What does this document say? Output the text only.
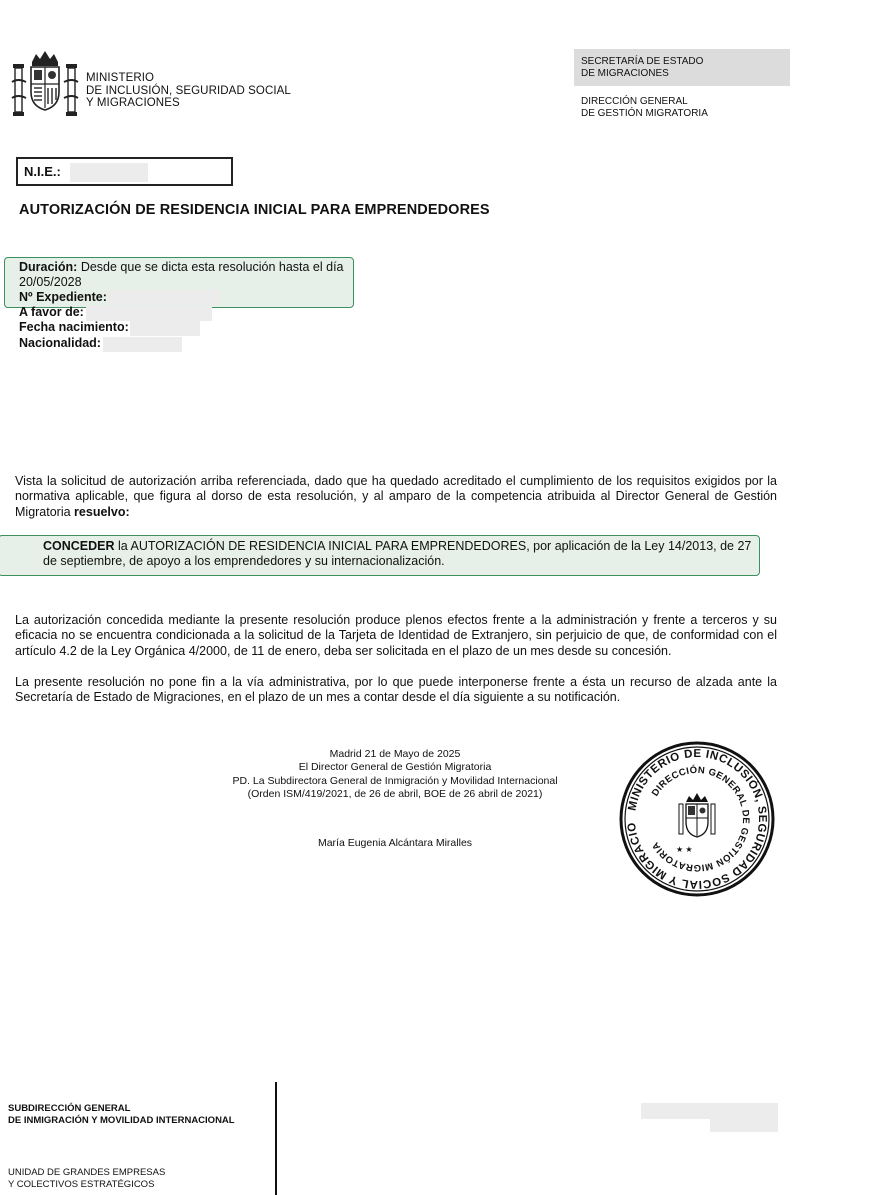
MINISTERIO
DE INCLUSIÓN, SEGURIDAD SOCIAL
Y MIGRACIONES
SECRETARÍA DE ESTADO
DE MIGRACIONES
DIRECCIÓN GENERAL
DE GESTIÓN MIGRATORIA
N.I.E.:
AUTORIZACIÓN DE RESIDENCIA INICIAL PARA EMPRENDEDORES
Duración: Desde que se dicta esta resolución hasta el día
20/05/2028
Nº Expediente:
A favor de:
Fecha nacimiento:
Nacionalidad:
Vista la solicitud de autorización arriba referenciada, dado que ha quedado acreditado el cumplimiento de los requisitos exigidos por la normativa aplicable, que figura al dorso de esta resolución, y al amparo de la competencia atribuida al Director General de Gestión Migratoria resuelvo:
CONCEDER la AUTORIZACIÓN DE RESIDENCIA INICIAL PARA EMPRENDEDORES, por aplicación de la Ley 14/2013, de 27 de septiembre, de apoyo a los emprendedores y su internacionalización.
La autorización concedida mediante la presente resolución produce plenos efectos frente a la administración y frente a terceros y su eficacia no se encuentra condicionada a la solicitud de la Tarjeta de Identidad de Extranjero, sin perjuicio de que, de conformidad con el artículo 4.2 de la Ley Orgánica 4/2000, de 11 de enero, deba ser solicitada en el plazo de un mes desde su concesión.
La presente resolución no pone fin a la vía administrativa, por lo que puede interponerse frente a ésta un recurso de alzada ante la Secretaría de Estado de Migraciones, en el plazo de un mes a contar desde el día siguiente a su notificación.
Madrid 21 de Mayo de 2025
El Director General de Gestión Migratoria
PD. La Subdirectora General de Inmigración y Movilidad Internacional
(Orden ISM/419/2021, de 26 de abril, BOE de 26 abril de 2021)
María Eugenia Alcántara Miralles
MINISTERIO DE INCLUSIÓN, SEGURIDAD SOCIAL Y MIGRACIO
DIRECCIÓN GENERAL DE GESTIÓN MIGRATORIA	★ ★
SUBDIRECCIÓN GENERAL
DE INMIGRACIÓN Y MOVILIDAD INTERNACIONAL
UNIDAD DE GRANDES EMPRESAS
Y COLECTIVOS ESTRATÉGICOS
